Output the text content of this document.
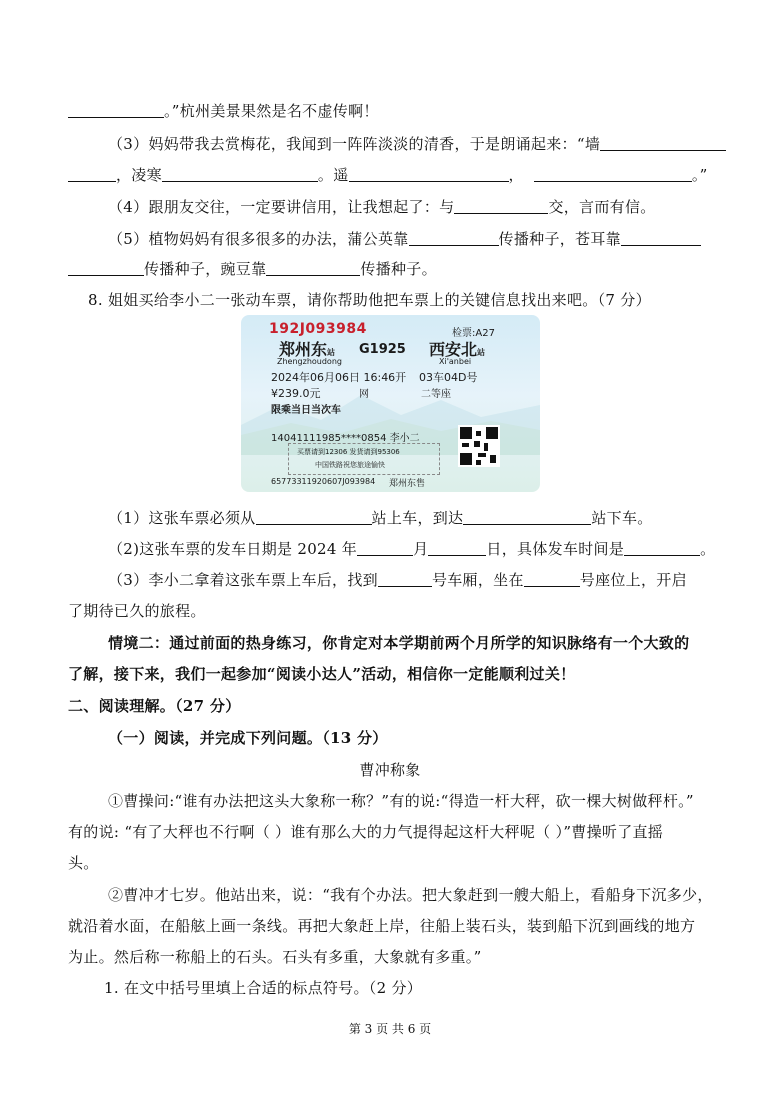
。”杭州美景果然是名不虚传啊！
（3）妈妈带我去赏梅花，我闻到一阵阵淡淡的清香，于是朗诵起来：“墙
，凌寒	。遥	，	。”
（4）跟朋友交往，一定要讲信用，让我想起了：与	交，言而有信。
（5）植物妈妈有很多很多的办法，蒲公英靠	传播种子，苍耳靠
传播种子，豌豆靠	传播种子。
8. 姐姐买给李小二一张动车票，请你帮助他把车票上的关键信息找出来吧。（7 分）
192J093984	检票:A27
郑州东站
Zhengzhoudong
G1925 西安北站
Xi'anbei
2024年06月06日 16:46开 03车04D号
¥239.0元	网	二等座
限乘当日当次车
14041111985****0854 李小二
买票请到12306 发货请到95306
中国铁路祝您旅途愉快
65773311920607J093984 郑州东售
（1）这张车票必须从	站上车，到达	站下车。
（2)这张车票的发车日期是 2024 年	月	日，具体发车时间是	。
（3）李小二拿着这张车票上车后，找到	号车厢，坐在	号座位上，开启
了期待已久的旅程。
情境二：通过前面的热身练习，你肯定对本学期前两个月所学的知识脉络有一个大致的
了解，接下来，我们一起参加“阅读小达人”活动，相信你一定能顺利过关！
二、阅读理解。（27 分）
（一）阅读，并完成下列问题。（13 分）
曹冲称象
①曹操问:“谁有办法把这头大象称一称？”有的说:“得造一杆大秤，砍一棵大树做秤杆。”
有的说: “有了大秤也不行啊（ ）谁有那么大的力气提得起这杆大秤呢（ ）”曹操听了直摇
头。
②曹冲才七岁。他站出来，说：“我有个办法。把大象赶到一艘大船上，看船身下沉多少，
就沿着水面，在船舷上画一条线。再把大象赶上岸，往船上装石头，装到船下沉到画线的地方
为止。然后称一称船上的石头。石头有多重，大象就有多重。”
1. 在文中括号里填上合适的标点符号。（2 分）
第 3 页 共 6 页
